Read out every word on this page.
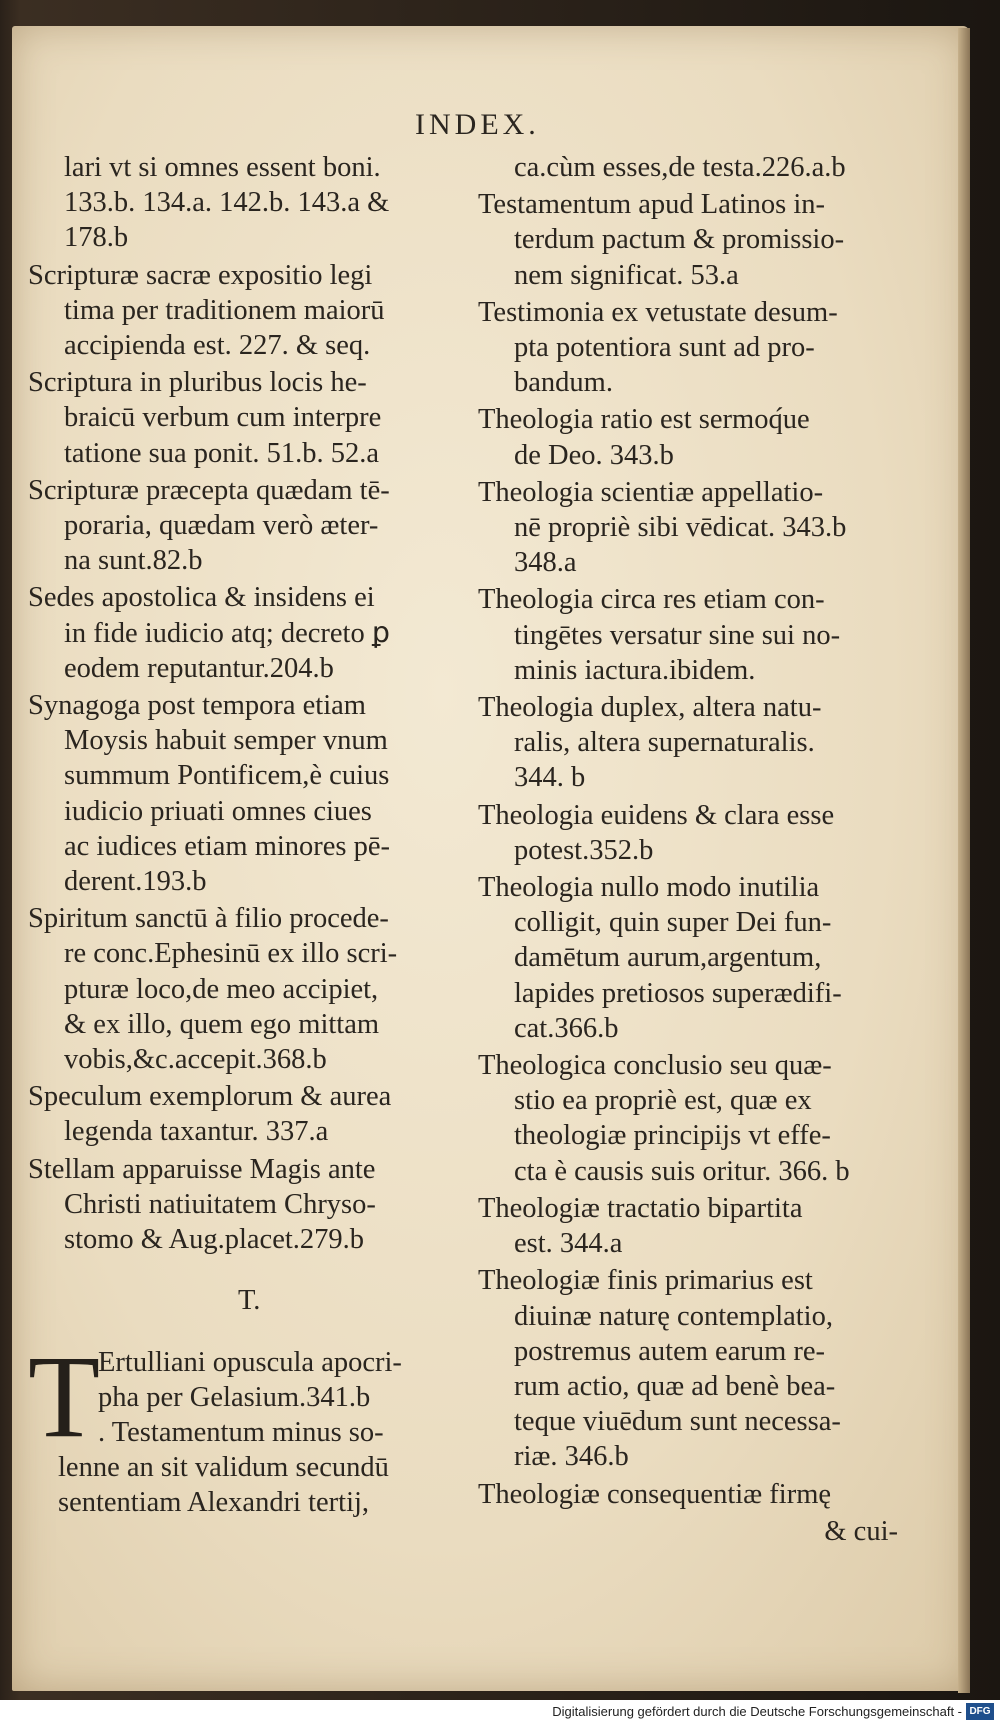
INDEX.
lari vt si omnes essent boni.
133.b. 134.a. 142.b. 143.a &
178.b
Scripturæ sacræ expositio legi
tima per traditionem maiorū
accipienda est. 227. & seq.
Scriptura in pluribus locis he-
braicū verbum cum interpre
tatione sua ponit. 51.b. 52.a
Scripturæ præcepta quædam tē-
poraria, quædam verò æter-
na sunt.82.b
Sedes apostolica & insidens ei
in fide iudicio atq; decreto ꝑ
eodem reputantur.204.b
Synagoga post tempora etiam
Moysis habuit semper vnum
summum Pontificem,è cuius
iudicio priuati omnes ciues
ac iudices etiam minores pē-
derent.193.b
Spiritum sanctū à filio procede-
re conc.Ephesinū ex illo scri-
pturæ loco,de meo accipiet,
& ex illo, quem ego mittam
vobis,&c.accepit.368.b
Speculum exemplorum & aurea
legenda taxantur. 337.a
Stellam apparuisse Magis ante
Christi natiuitatem Chryso-
stomo & Aug.placet.279.b
T.
T
Ertulliani opuscula apocri-
pha per Gelasium.341.b
. Testamentum minus so-
lenne an sit validum secundū
sententiam Alexandri tertij,
ca.cùm esses,de testa.226.a.b
Testamentum apud Latinos in-
terdum pactum & promissio-
nem significat. 53.a
Testimonia ex vetustate desum-
pta potentiora sunt ad pro-
bandum.
Theologia ratio est sermoq́ue
de Deo. 343.b
Theologia scientiæ appellatio-
nē propriè sibi vēdicat. 343.b
348.a
Theologia circa res etiam con-
tingētes versatur sine sui no-
minis iactura.ibidem.
Theologia duplex, altera natu-
ralis, altera supernaturalis.
344. b
Theologia euidens & clara esse
potest.352.b
Theologia nullo modo inutilia
colligit, quin super Dei fun-
damētum aurum,argentum,
lapides pretiosos superædifi-
cat.366.b
Theologica conclusio seu quæ-
stio ea propriè est, quæ ex
theologiæ principijs vt effe-
cta è causis suis oritur. 366. b
Theologiæ tractatio bipartita
est. 344.a
Theologiæ finis primarius est
diuinæ naturę contemplatio,
postremus autem earum re-
rum actio, quæ ad benè bea-
teque viuēdum sunt necessa-
riæ. 346.b
Theologiæ consequentiæ firmę
& cui-
Digitalisierung gefördert durch die Deutsche Forschungsgemeinschaft - DFG
